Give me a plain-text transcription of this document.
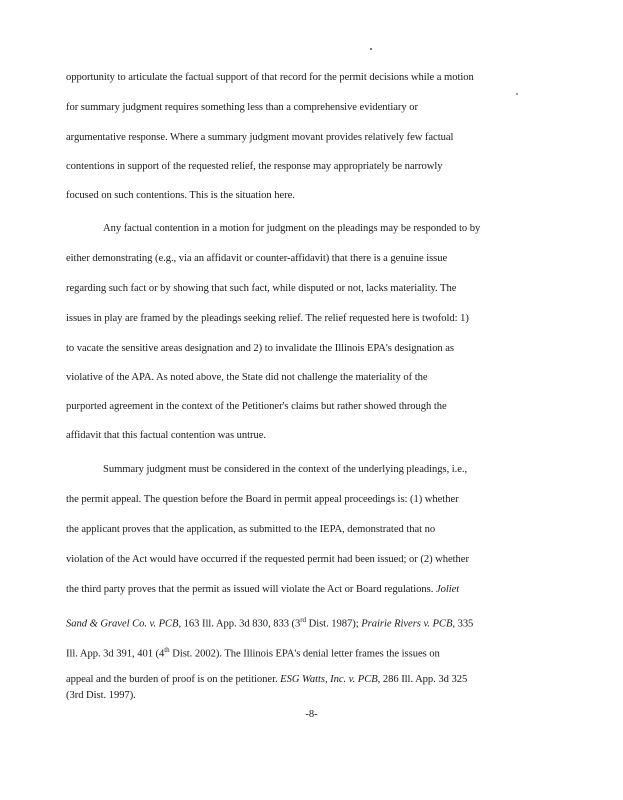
opportunity to articulate the factual support of that record for the permit decisions while a motion
for summary judgment requires something less than a comprehensive evidentiary or
argumentative response. Where a summary judgment movant provides relatively few factual
contentions in support of the requested relief, the response may appropriately be narrowly
focused on such contentions. This is the situation here.
Any factual contention in a motion for judgment on the pleadings may be responded to by
either demonstrating (e.g., via an affidavit or counter-affidavit) that there is a genuine issue
regarding such fact or by showing that such fact, while disputed or not, lacks materiality. The
issues in play are framed by the pleadings seeking relief. The relief requested here is twofold: 1)
to vacate the sensitive areas designation and 2) to invalidate the Illinois EPA's designation as
violative of the APA. As noted above, the State did not challenge the materiality of the
purported agreement in the context of the Petitioner's claims but rather showed through the
affidavit that this factual contention was untrue.
Summary judgment must be considered in the context of the underlying pleadings, i.e.,
the permit appeal. The question before the Board in permit appeal proceedings is: (1) whether
the applicant proves that the application, as submitted to the IEPA, demonstrated that no
violation of the Act would have occurred if the requested permit had been issued; or (2) whether
the third party proves that the permit as issued will violate the Act or Board regulations. Joliet
Sand & Gravel Co. v. PCB, 163 Ill. App. 3d 830, 833 (3rd Dist. 1987); Prairie Rivers v. PCB, 335
Ill. App. 3d 391, 401 (4th Dist. 2002). The Illinois EPA's denial letter frames the issues on
appeal and the burden of proof is on the petitioner. ESG Watts, Inc. v. PCB, 286 Ill. App. 3d 325
(3rd Dist. 1997).
-8-
